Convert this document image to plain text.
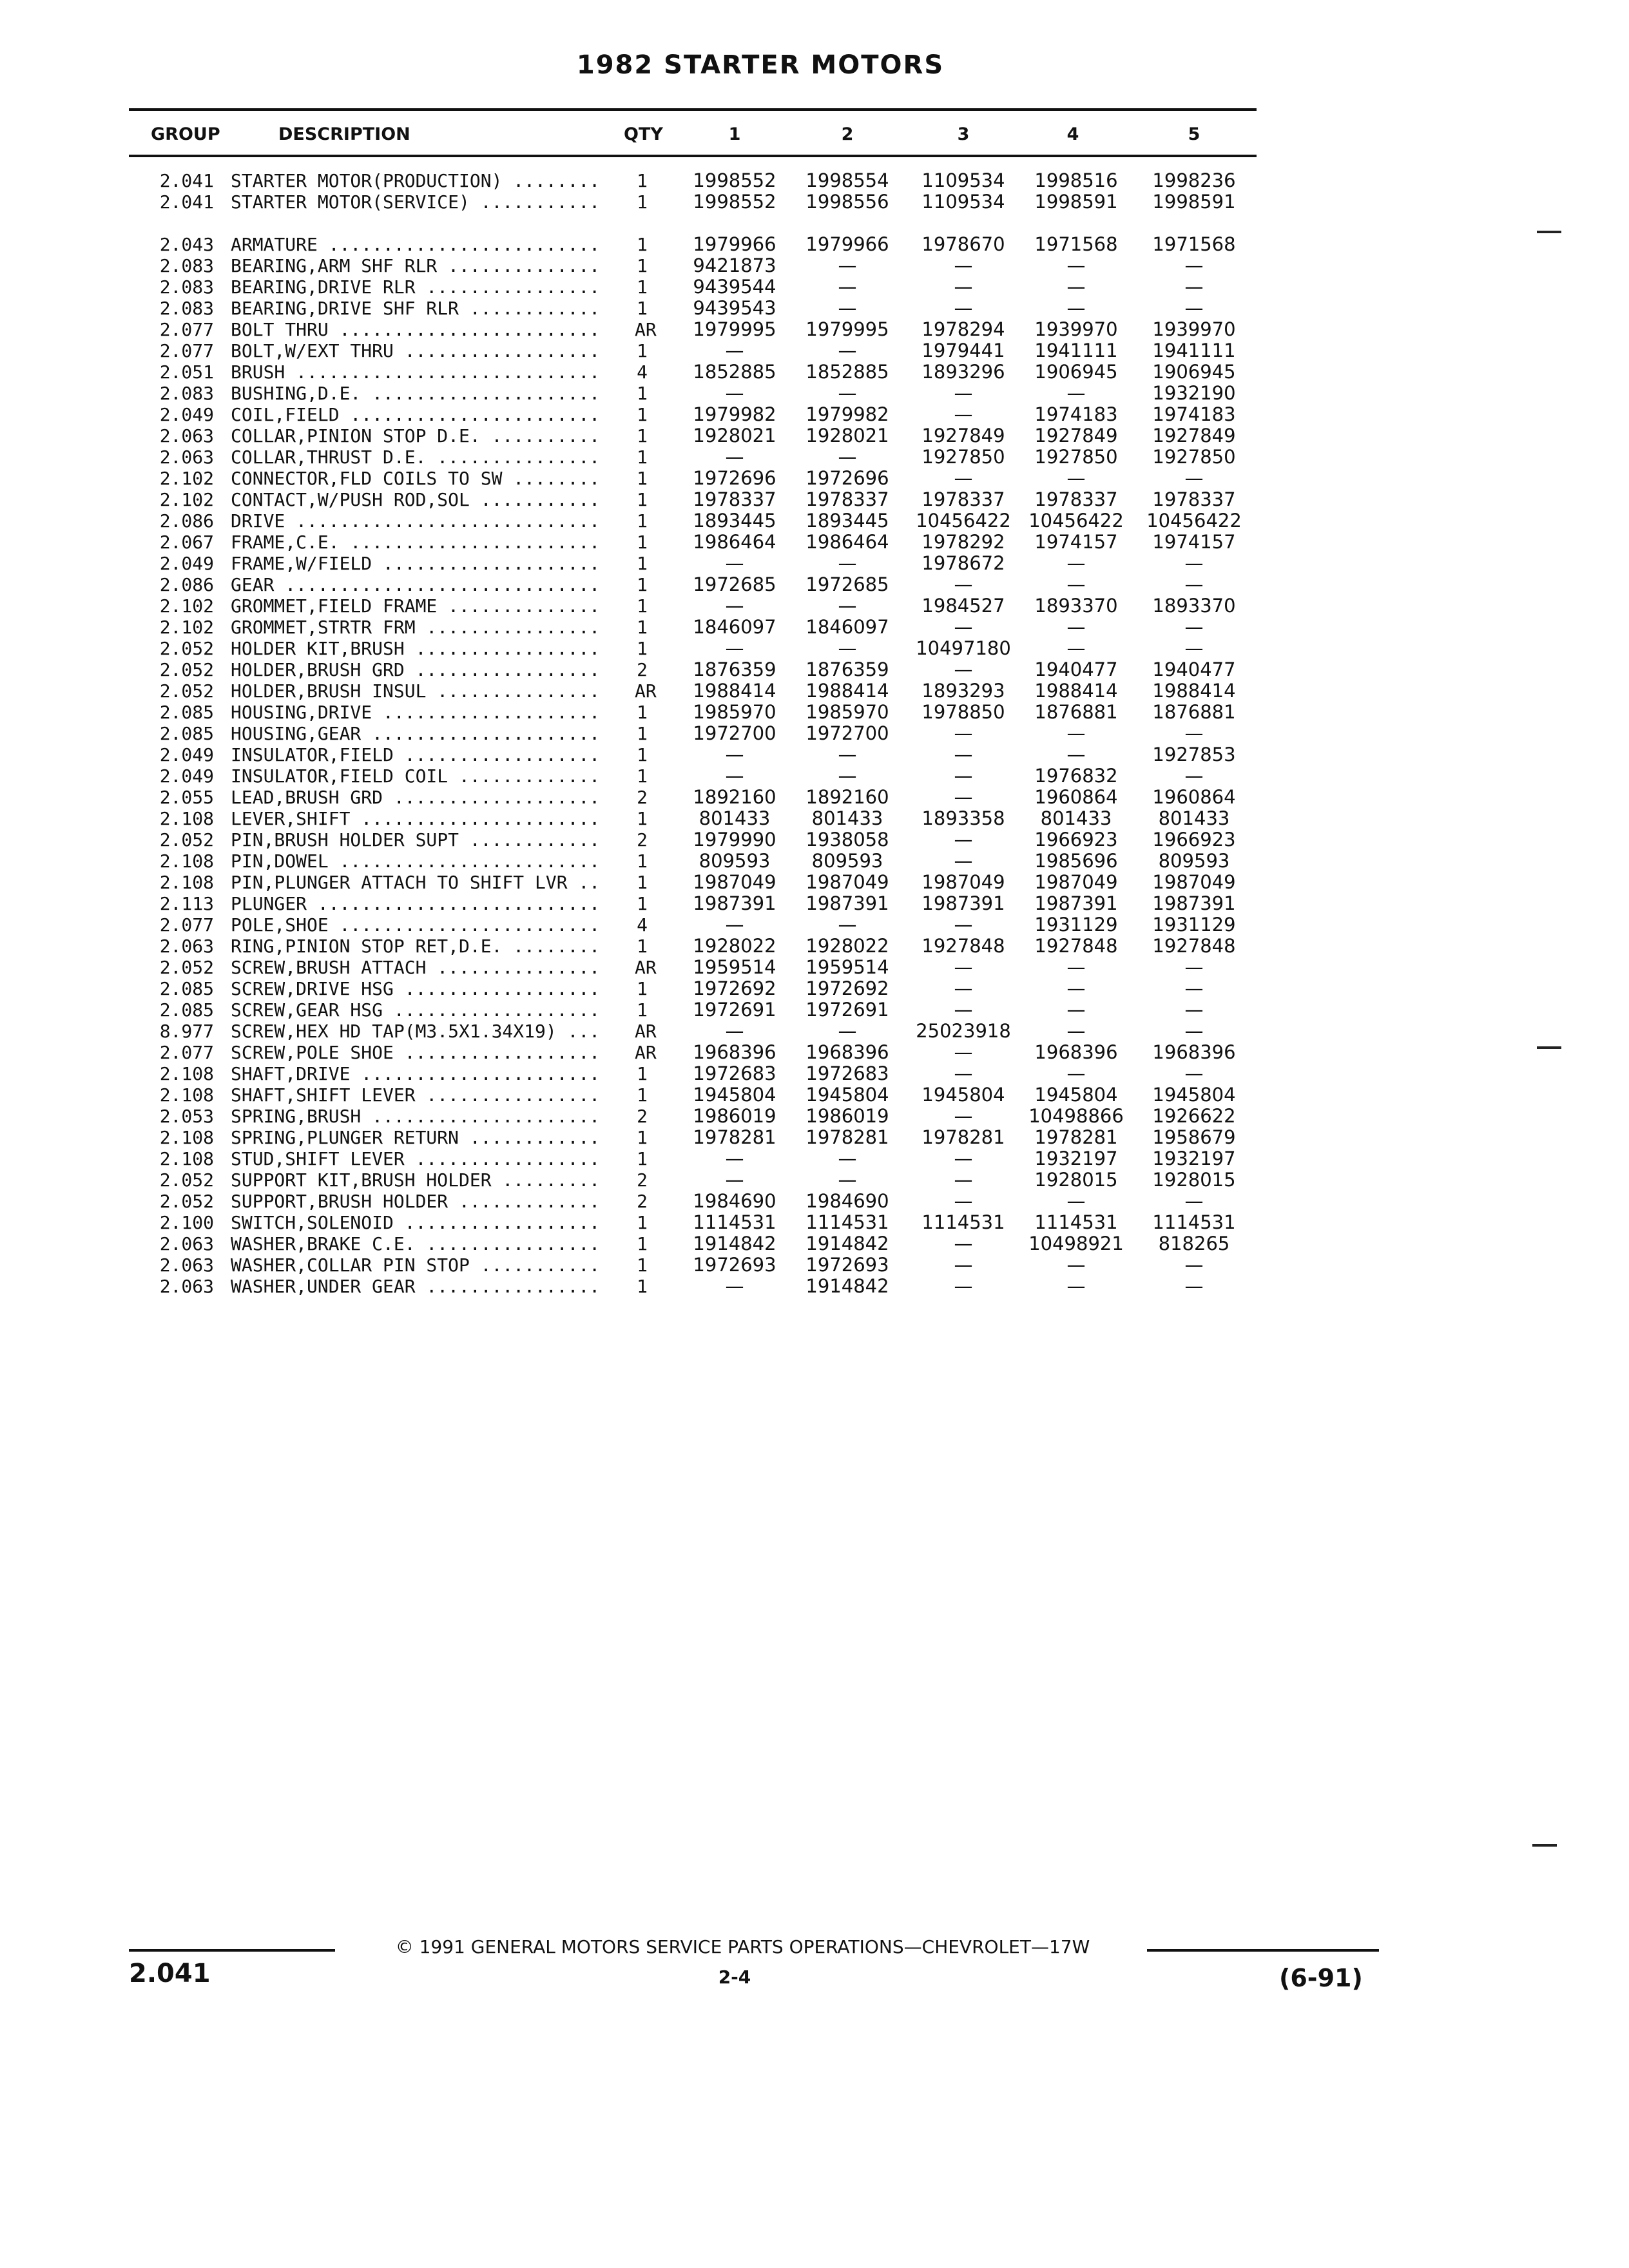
1982 STARTER MOTORS
GROUP	DESCRIPTION	QTY	1	2	3	4	5
2.041 STARTER MOTOR(PRODUCTION) ........	1	1998552	1998554	1109534	1998516	1998236
2.041 STARTER MOTOR(SERVICE) ...........	1	1998552	1998556	1109534	1998591	1998591
2.043 ARMATURE .........................	1	1979966	1979966	1978670	1971568	1971568
2.083 BEARING,ARM SHF RLR ..............	1	9421873	—	—	—	—
2.083 BEARING,DRIVE RLR ................	1	9439544	—	—	—	—
2.083 BEARING,DRIVE SHF RLR ............	1	9439543	—	—	—	—
2.077 BOLT THRU ........................	AR	1979995	1979995	1978294	1939970	1939970
2.077 BOLT,W/EXT THRU ..................	1	—	—	1979441	1941111	1941111
2.051 BRUSH ............................	4	1852885	1852885	1893296	1906945	1906945
2.083 BUSHING,D.E. .....................	1	—	—	—	—	1932190
2.049 COIL,FIELD .......................	1	1979982	1979982	—	1974183	1974183
2.063 COLLAR,PINION STOP D.E. ..........	1	1928021	1928021	1927849	1927849	1927849
2.063 COLLAR,THRUST D.E. ...............	1	—	—	1927850	1927850	1927850
2.102 CONNECTOR,FLD COILS TO SW ........	1	1972696	1972696	—	—	—
2.102 CONTACT,W/PUSH ROD,SOL ...........	1	1978337	1978337	1978337	1978337	1978337
2.086 DRIVE ............................	1	1893445	1893445	10456422 10456422	10456422
2.067 FRAME,C.E. .......................	1	1986464	1986464	1978292	1974157	1974157
2.049 FRAME,W/FIELD ....................	1	—	—	1978672	—	—
2.086 GEAR .............................	1	1972685	1972685	—	—	—
2.102 GROMMET,FIELD FRAME ..............	1	—	—	1984527	1893370	1893370
2.102 GROMMET,STRTR FRM ................	1	1846097	1846097	—	—	—
2.052 HOLDER KIT,BRUSH .................	1	—	—	10497180	—	—
2.052 HOLDER,BRUSH GRD .................	2	1876359	1876359	—	1940477	1940477
2.052 HOLDER,BRUSH INSUL ...............	AR	1988414	1988414	1893293	1988414	1988414
2.085 HOUSING,DRIVE ....................	1	1985970	1985970	1978850	1876881	1876881
2.085 HOUSING,GEAR .....................	1	1972700	1972700	—	—	—
2.049 INSULATOR,FIELD ..................	1	—	—	—	—	1927853
2.049 INSULATOR,FIELD COIL .............	1	—	—	—	1976832	—
2.055 LEAD,BRUSH GRD ...................	2	1892160	1892160	—	1960864	1960864
2.108 LEVER,SHIFT ......................	1	801433	801433	1893358	801433	801433
2.052 PIN,BRUSH HOLDER SUPT ............	2	1979990	1938058	—	1966923	1966923
2.108 PIN,DOWEL ........................	1	809593	809593	—	1985696	809593
2.108 PIN,PLUNGER ATTACH TO SHIFT LVR ..	1	1987049	1987049	1987049	1987049	1987049
2.113 PLUNGER ..........................	1	1987391	1987391	1987391	1987391	1987391
2.077 POLE,SHOE ........................	4	—	—	—	1931129	1931129
2.063 RING,PINION STOP RET,D.E. ........	1	1928022	1928022	1927848	1927848	1927848
2.052 SCREW,BRUSH ATTACH ...............	AR	1959514	1959514	—	—	—
2.085 SCREW,DRIVE HSG ..................	1	1972692	1972692	—	—	—
2.085 SCREW,GEAR HSG ...................	1	1972691	1972691	—	—	—
8.977 SCREW,HEX HD TAP(M3.5X1.34X19) ...	AR	—	—	25023918	—	—
2.077 SCREW,POLE SHOE ..................	AR	1968396	1968396	—	1968396	1968396
2.108 SHAFT,DRIVE ......................	1	1972683	1972683	—	—	—
2.108 SHAFT,SHIFT LEVER ................	1	1945804	1945804	1945804	1945804	1945804
2.053 SPRING,BRUSH .....................	2	1986019	1986019	—	10498866	1926622
2.108 SPRING,PLUNGER RETURN ............	1	1978281	1978281	1978281	1978281	1958679
2.108 STUD,SHIFT LEVER .................	1	—	—	—	1932197	1932197
2.052 SUPPORT KIT,BRUSH HOLDER .........	2	—	—	—	1928015	1928015
2.052 SUPPORT,BRUSH HOLDER .............	2	1984690	1984690	—	—	—
2.100 SWITCH,SOLENOID ..................	1	1114531	1114531	1114531	1114531	1114531
2.063 WASHER,BRAKE C.E. ................	1	1914842	1914842	—	10498921	818265
2.063 WASHER,COLLAR PIN STOP ...........	1	1972693	1972693	—	—	—
2.063 WASHER,UNDER GEAR ................	1	—	1914842	—	—	—
© 1991 GENERAL MOTORS SERVICE PARTS OPERATIONS—CHEVROLET—17W
2.041	2-4	(6-91)
